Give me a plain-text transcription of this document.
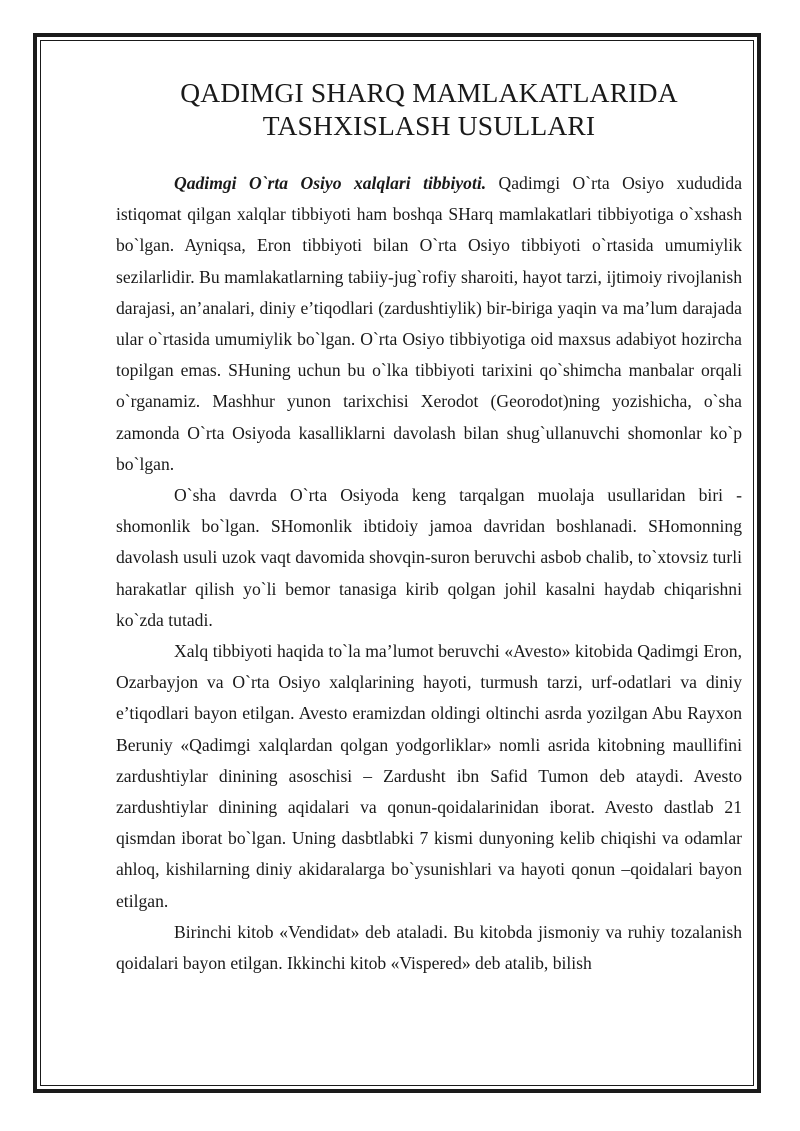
QADIMGI SHARQ MAMLAKATLARIDA
TASHXISLASH USULLARI

Qadimgi O`rta Osiyo xalqlari tibbiyoti. Qadimgi O`rta Osiyo xududida istiqomat qilgan xalqlar tibbiyoti ham boshqa SHarq mamlakatlari tibbiyotiga o`xshash bo`lgan. Ayniqsa, Eron tibbiyoti bilan O`rta Osiyo tibbiyoti o`rtasida umumiylik sezilarlidir. Bu mamlakatlarning tabiiy-jug`rofiy sharoiti, hayot tarzi, ijtimoiy rivojlanish darajasi, an’analari, diniy e’tiqodlari (zardushtiylik) bir-biriga yaqin va ma’lum darajada ular o`rtasida umumiylik bo`lgan. O`rta Osiyo tibbiyotiga oid maxsus adabiyot hozircha topilgan emas. SHuning uchun bu o`lka tibbiyoti tarixini qo`shimcha manbalar orqali o`rganamiz. Mashhur yunon tarixchisi Xerodot (Georodot)ning yozishicha, o`sha zamonda O`rta Osiyoda kasalliklarni davolash bilan shug`ullanuvchi shomonlar ko`p bo`lgan.

O`sha davrda O`rta Osiyoda keng tarqalgan muolaja usullaridan biri - shomonlik bo`lgan. SHomonlik ibtidoiy jamoa davridan boshlanadi. SHomonning davolash usuli uzok vaqt davomida shovqin-suron beruvchi asbob chalib, to`xtovsiz turli harakatlar qilish yo`li bemor tanasiga kirib qolgan johil kasalni haydab chiqarishni ko`zda tutadi.

Xalq tibbiyoti haqida to`la ma’lumot beruvchi «Avesto» kitobida Qadimgi Eron, Ozarbayjon va O`rta Osiyo xalqlarining hayoti, turmush tarzi, urf-odatlari va diniy e’tiqodlari bayon etilgan. Avesto eramizdan oldingi oltinchi asrda yozilgan Abu Rayxon Beruniy «Qadimgi xalqlardan qolgan yodgorliklar» nomli asrida kitobning maullifini zardushtiylar dinining asoschisi – Zardusht ibn Safid Tumon deb ataydi. Avesto zardushtiylar dinining aqidalari va qonun-qoidalarinidan iborat. Avesto dastlab 21 qismdan iborat bo`lgan. Uning dasbtlabki 7 kismi dunyoning kelib chiqishi va odamlar ahloq, kishilarning diniy akidaralarga bo`ysunishlari va hayoti qonun –qoidalari bayon etilgan.

Birinchi kitob «Vendidat» deb ataladi. Bu kitobda jismoniy va ruhiy tozalanish qoidalari bayon etilgan. Ikkinchi kitob «Vispered» deb atalib, bilish
